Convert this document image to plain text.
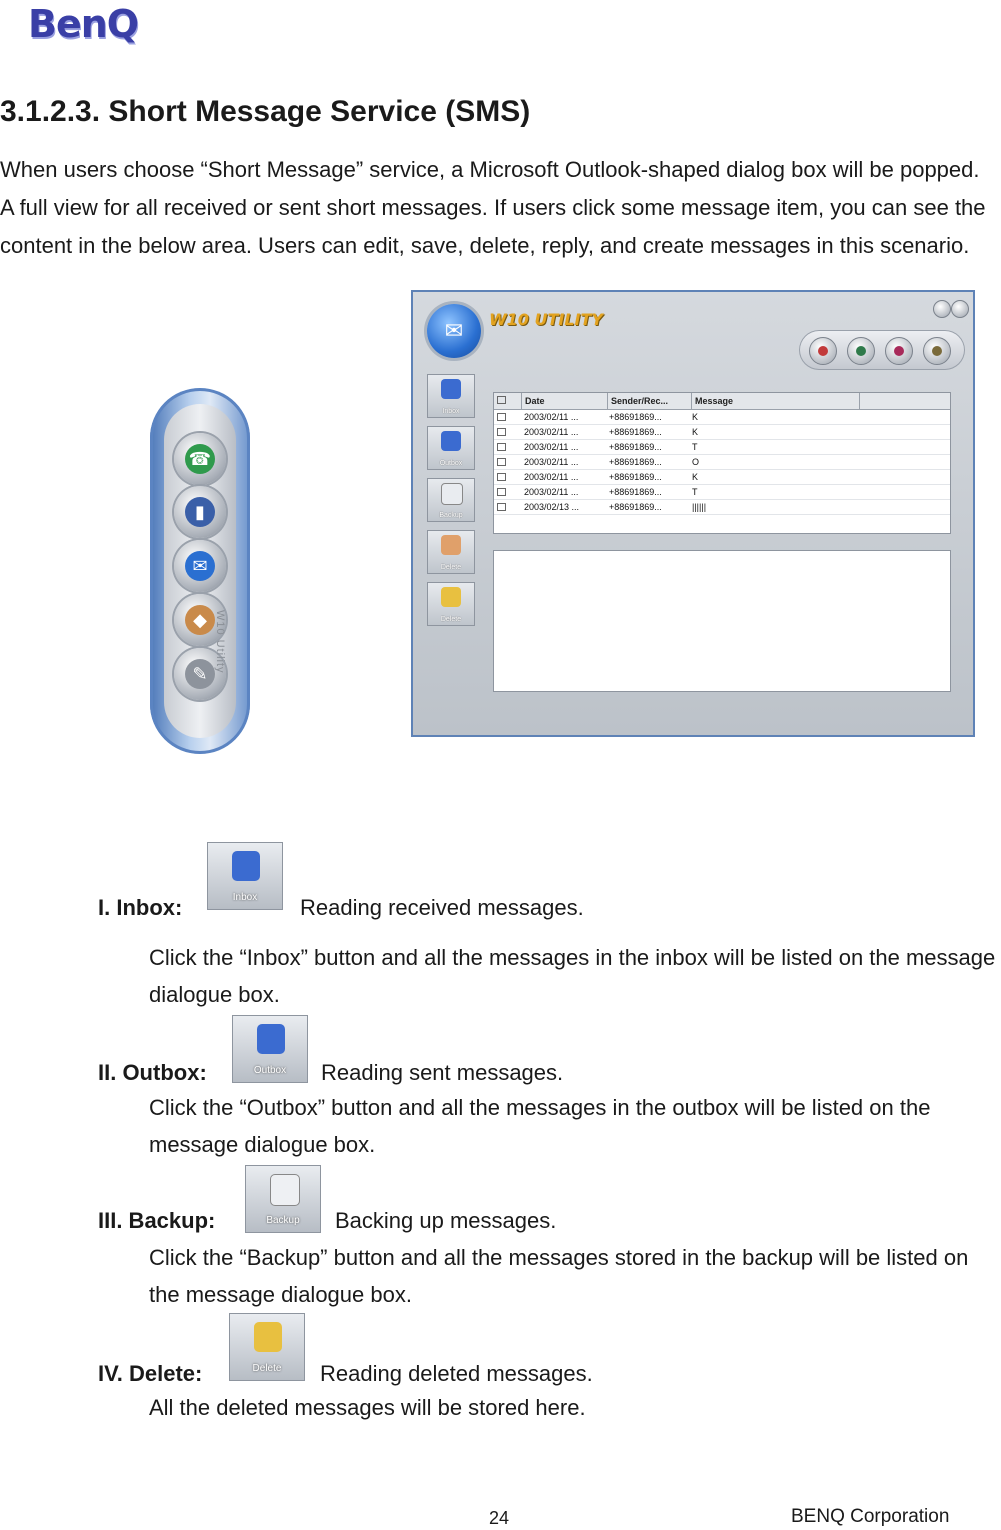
BenQ
3.1.2.3. Short Message Service (SMS)
When users choose “Short Message” service, a Microsoft Outlook-shaped dialog box will be popped. A full view for all received or sent short messages. If users click some message item, you can see the content in the below area. Users can edit, save, delete, reply, and create messages in this scenario.
☎
▮
✉
◆
✎ W10 Utility
✉	W10 UTILITY
Inbox
Outbox
Backup
Delete
Delete
Date	Sender/Rec...	Message
2003/02/11 ...	+88691869...	K
2003/02/11 ...	+88691869...	K
2003/02/11 ...	+88691869...	T
2003/02/11 ...	+88691869...	O
2003/02/11 ...	+88691869...	K
2003/02/11 ...	+88691869...	T
2003/02/13 ...	+88691869...	||||||
I. Inbox:	Inbox	Reading received messages.
Click the “Inbox” button and all the messages in the inbox will be listed on the message dialogue box.
II. Outbox:	Outbox	Reading sent messages.
Click the “Outbox” button and all the messages in the outbox will be listed on the message dialogue box.
III. Backup:	Backup	Backing up messages.
Click the “Backup” button and all the messages stored in the backup will be listed on the message dialogue box.
IV. Delete:	Delete	Reading deleted messages.
All the deleted messages will be stored here.
24	BENQ Corporation
